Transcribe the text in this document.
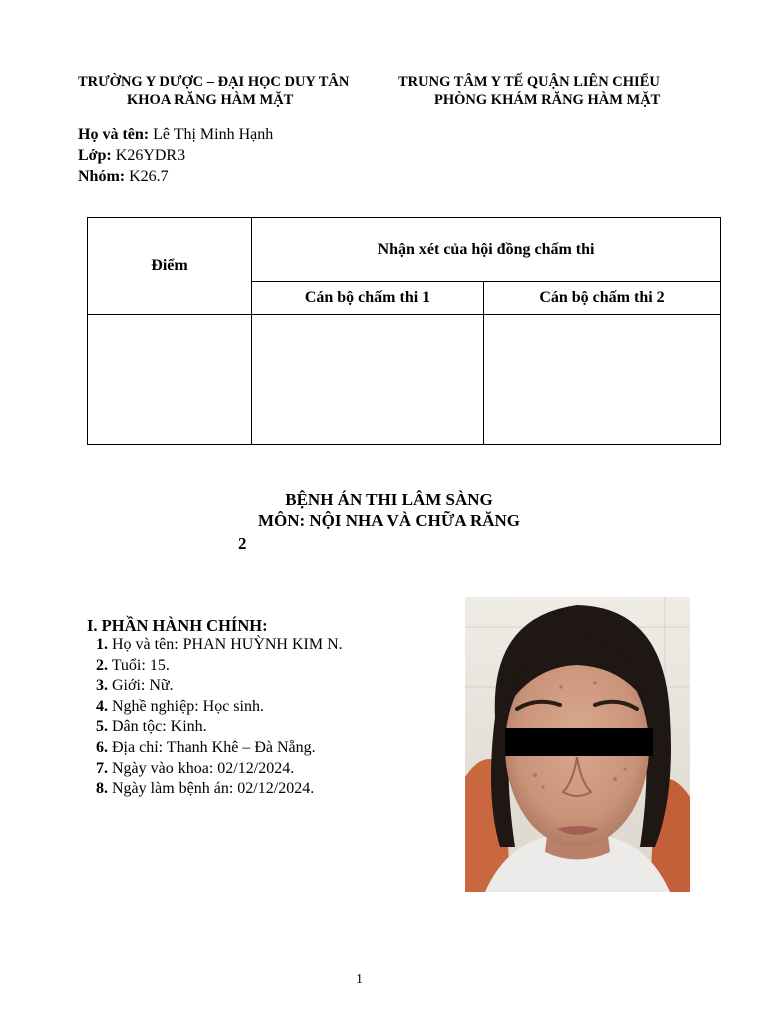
TRƯỜNG Y DƯỢC – ĐẠI HỌC DUY TÂN
KHOA RĂNG HÀM MẶT
TRUNG TÂM Y TẾ QUẬN LIÊN CHIỂU
PHÒNG KHÁM RĂNG HÀM MẶT
Họ và tên: Lê Thị Minh Hạnh
Lớp: K26YDR3
Nhóm: K26.7
Điểm	Nhận xét của hội đồng chấm thi	
	Cán bộ chấm thi 1	Cán bộ chấm thi 2

BỆNH ÁN THI LÂM SÀNG
MÔN: NỘI NHA VÀ CHỮA RĂNG
2
I. PHẦN HÀNH CHÍNH:
1. Họ và tên: PHAN HUỲNH KIM N.
2. Tuổi: 15.
3. Giới: Nữ.
4. Nghề nghiệp: Học sinh.
5. Dân tộc: Kinh.
6. Địa chỉ: Thanh Khê – Đà Nẵng.
7. Ngày vào khoa: 02/12/2024.
8. Ngày làm bệnh án: 02/12/2024.
1
